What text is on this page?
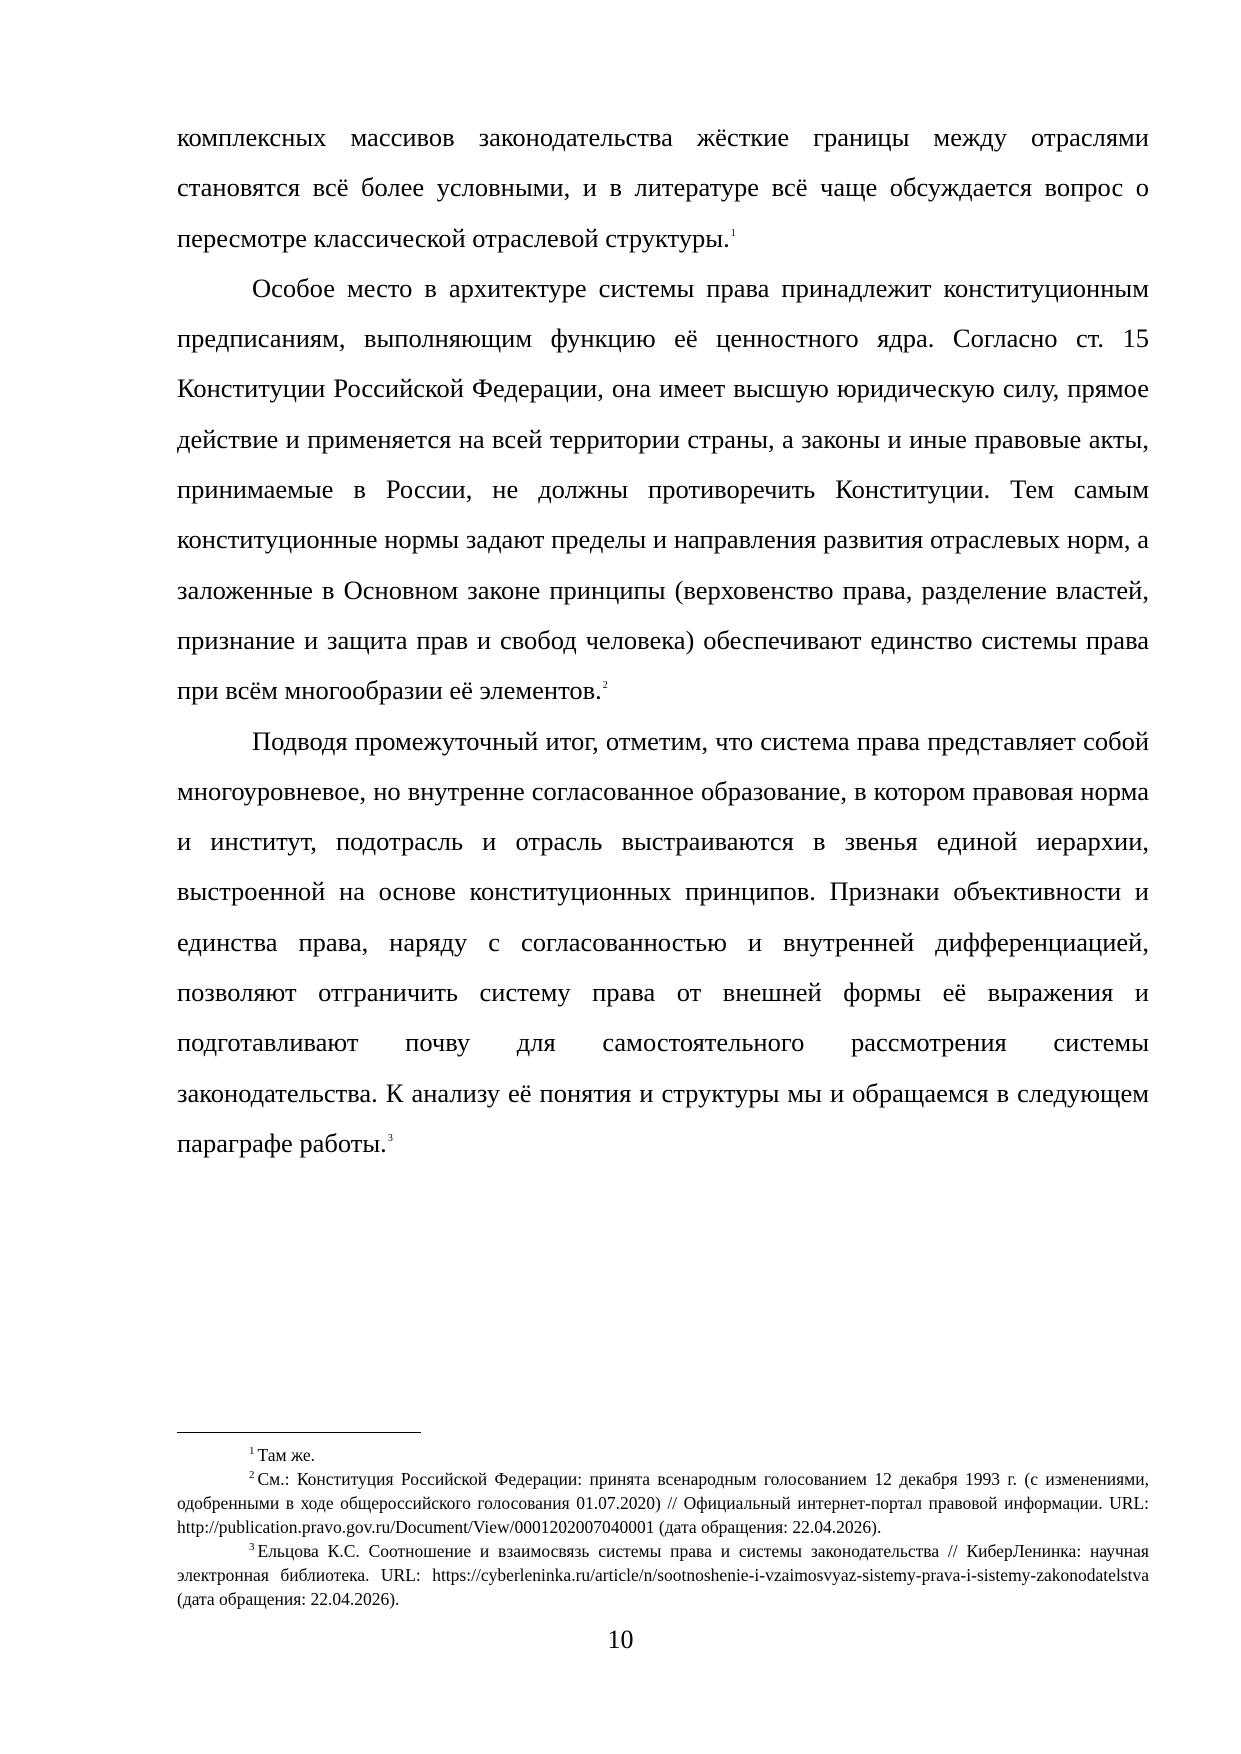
комплексных массивов законодательства жёсткие границы между отраслями становятся всё более условными, и в литературе всё чаще обсуждается вопрос о пересмотре классической отраслевой структуры.$^1$

Особое место в архитектуре системы права принадлежит конституционным предписаниям, выполняющим функцию её ценностного ядра. Согласно ст. 15 Конституции Российской Федерации, она имеет высшую юридическую силу, прямое действие и применяется на всей территории страны, а законы и иные правовые акты, принимаемые в России, не должны противоречить Конституции. Тем самым конституционные нормы задают пределы и направления развития отраслевых норм, а заложенные в Основном законе принципы (верховенство права, разделение властей, признание и защита прав и свобод человека) обеспечивают единство системы права при всём многообразии её элементов.$^2$

Подводя промежуточный итог, отметим, что система права представляет собой многоуровневое, но внутренне согласованное образование, в котором правовая норма и институт, подотрасль и отрасль выстраиваются в звенья единой иерархии, выстроенной на основе конституционных принципов. Признаки объективности и единства права, наряду с согласованностью и внутренней дифференциацией, позволяют отграничить систему права от внешней формы её выражения и подготавливают почву для самостоятельного рассмотрения системы законодательства. К анализу её понятия и структуры мы и обращаемся в следующем параграфе работы.$^3$

$^1$ Там же.

$^2$ См.: Конституция Российской Федерации: принята всенародным голосованием 12 декабря 1993 г. (с изменениями, одобренными в ходе общероссийского голосования 01.07.2020) // Официальный интернет-портал правовой информации. URL: http://publication.pravo.gov.ru/Document/View/0001202007040001 (дата обращения: 22.04.2026).

$^3$ Ельцова К.С. Соотношение и взаимосвязь системы права и системы законодательства // КиберЛенинка: научная электронная библиотека. URL: https://cyberleninka.ru/article/n/sootnoshenie-i-vzaimosvyaz-sistemy-prava-i-sistemy-zakonodatelstva (дата обращения: 22.04.2026).

10
